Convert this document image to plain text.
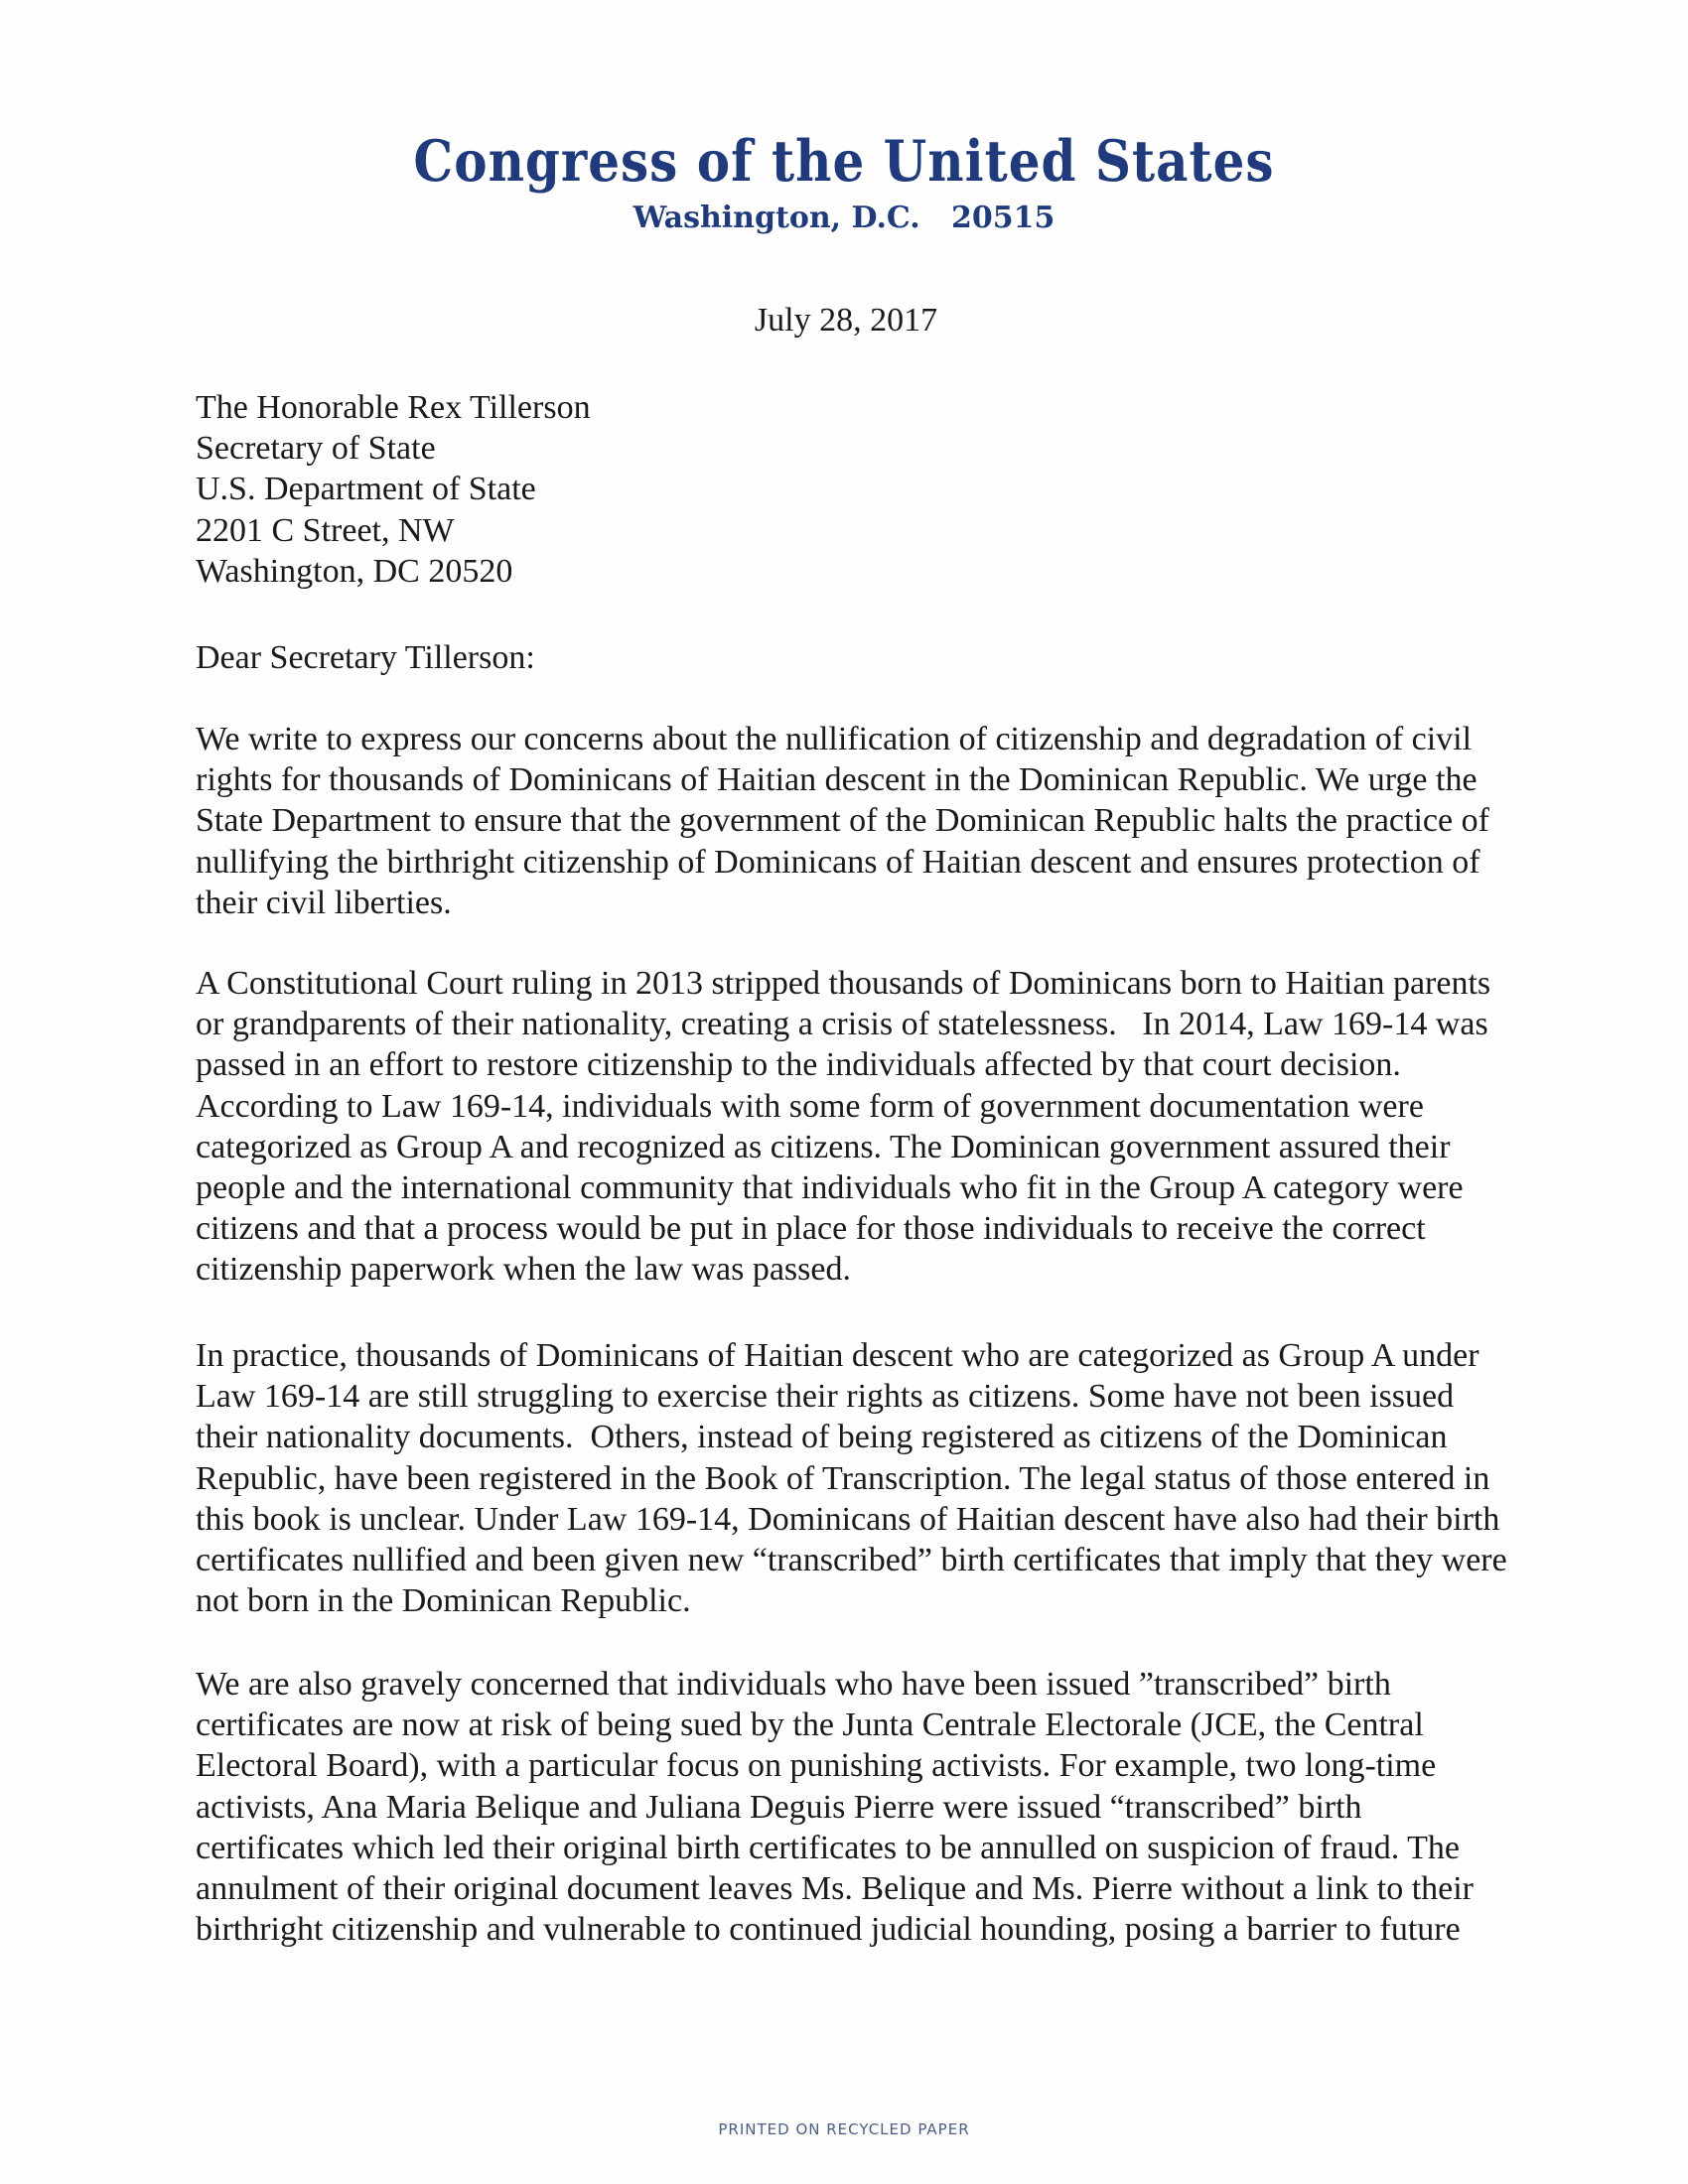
Congress of the United States
Washington, D.C.   20515
July 28, 2017
The Honorable Rex Tillerson
Secretary of State
U.S. Department of State
2201 C Street, NW
Washington, DC 20520
Dear Secretary Tillerson:
We write to express our concerns about the nullification of citizenship and degradation of civil
rights for thousands of Dominicans of Haitian descent in the Dominican Republic. We urge the
State Department to ensure that the government of the Dominican Republic halts the practice of
nullifying the birthright citizenship of Dominicans of Haitian descent and ensures protection of
their civil liberties.
A Constitutional Court ruling in 2013 stripped thousands of Dominicans born to Haitian parents
or grandparents of their nationality, creating a crisis of statelessness.   In 2014, Law 169-14 was
passed in an effort to restore citizenship to the individuals affected by that court decision.
According to Law 169-14, individuals with some form of government documentation were
categorized as Group A and recognized as citizens. The Dominican government assured their
people and the international community that individuals who fit in the Group A category were
citizens and that a process would be put in place for those individuals to receive the correct
citizenship paperwork when the law was passed.
In practice, thousands of Dominicans of Haitian descent who are categorized as Group A under
Law 169-14 are still struggling to exercise their rights as citizens. Some have not been issued
their nationality documents.  Others, instead of being registered as citizens of the Dominican
Republic, have been registered in the Book of Transcription. The legal status of those entered in
this book is unclear. Under Law 169-14, Dominicans of Haitian descent have also had their birth
certificates nullified and been given new “transcribed” birth certificates that imply that they were
not born in the Dominican Republic.
We are also gravely concerned that individuals who have been issued ”transcribed” birth
certificates are now at risk of being sued by the Junta Centrale Electorale (JCE, the Central
Electoral Board), with a particular focus on punishing activists. For example, two long-time
activists, Ana Maria Belique and Juliana Deguis Pierre were issued “transcribed” birth
certificates which led their original birth certificates to be annulled on suspicion of fraud. The
annulment of their original document leaves Ms. Belique and Ms. Pierre without a link to their
birthright citizenship and vulnerable to continued judicial hounding, posing a barrier to future
PRINTED ON RECYCLED PAPER
